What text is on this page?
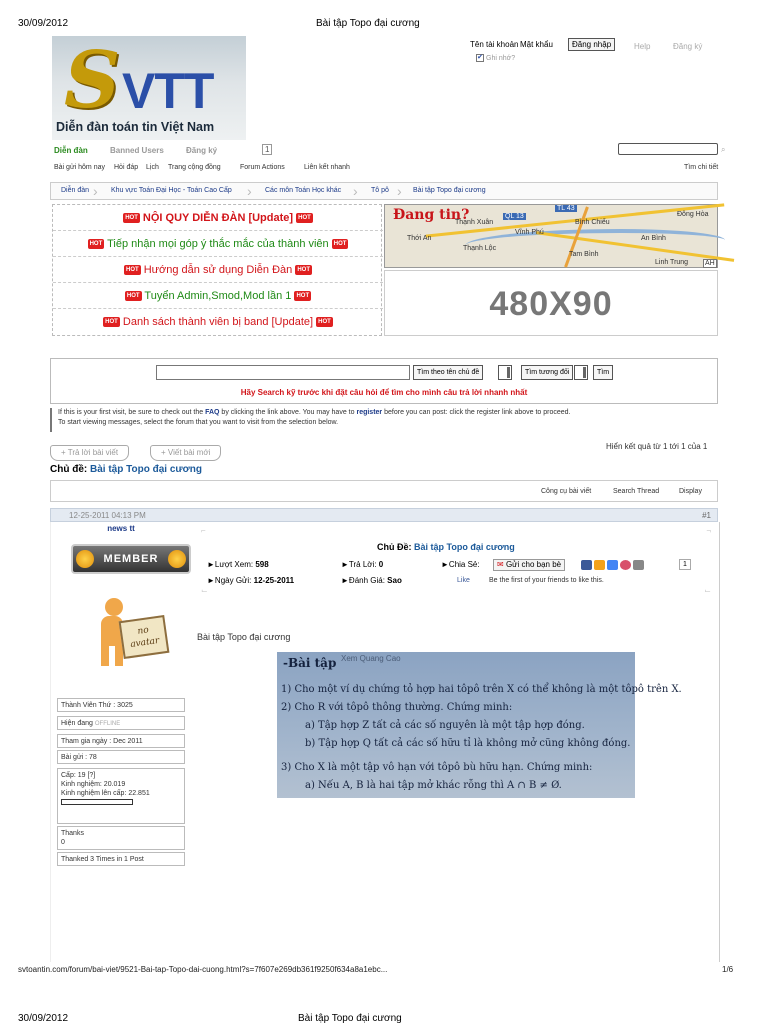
30/09/2012	Bài tập Topo đại cương
S VTT
Diễn đàn toán tin Việt Nam
Tên tài khoản Mật khẩu	Đăng nhập	Help	Đăng ký
✔ Ghi nhớ?
Diễn đàn	Banned Users	Đăng ký	1	⌕
Bài gửi hôm nay Hỏi đáp Lịch Trang cộng đồng	Forum Actions	Liên kết nhanh	Tìm chi tiết
Diễn đàn ›	Khu vực Toán Đại Học - Toán Cao Cấp ›	Các môn Toán Học khác ›	Tô pô ›	Bài tập Topo đại cương
HOT NỘI QUY DIỄN ĐÀN [Update] HOT
HOT Tiếp nhận mọi góp ý thắc mắc của thành viên HOT
HOT Hướng dẫn sử dụng Diễn Đàn HOT
HOT Tuyển Admin,Smod,Mod lần 1 HOT
HOT Danh sách thành viên bị band [Update] HOT
Đang tin?
Thạnh Xuân	Bình Chiểu
Đông Hòa
Vĩnh Phú
Thới An	An Bình
Thạnh Lộc
Tam Bình
Linh Trung
QL 13
TL 43
AH
480X90
Tìm theo tên chủ đề	Tìm tương đối	Tìm
Hãy Search kỹ trước khi đặt câu hỏi để tìm cho mình câu trả lời nhanh nhất
If this is your first visit, be sure to check out the FAQ by clicking the link above. You may have to register before you can post: click the register link above to proceed.
To start viewing messages, select the forum that you want to visit from the selection below.
+ Trả lời bài viết	+ Viết bài mới
Hiển kết quả từ 1 tới 1 của 1
Chủ đề: Bài tập Topo đại cương
Công cụ bài viết	Search Thread	Display
12-25-2011 04:13 PM	#1
news tt
MEMBER
no avatar
Thành Viên Thứ : 3025
Hiện đang OFFLINE
Tham gia ngày : Dec 2011
Bài gửi : 78
Cấp: 19 [?]
Kinh nghiệm: 20.019
Kinh nghiệm lên cấp: 22.851
Thanks
0
Thanked 3 Times in 1 Post
⌐	¬
⌙
⌙
Chủ Đề: Bài tập Topo đại cương
►Lượt Xem: 598	►Trả Lời: 0	►Chia Sẻ:	✉ Gửi cho bạn bè	1
►Ngày Gửi: 12-25-2011	►Đánh Giá: Sao	Like	Be the first of your friends to like this.
Bài tập Topo đại cương
Xem Quang Cao
-Bài tập
1) Cho một ví dụ chứng tỏ hợp hai tôpô trên X có thể không là một tôpô trên X.
2) Cho R với tôpô thông thường. Chứng minh:
a) Tập hợp Z tất cả các số nguyên là một tập hợp đóng.
b) Tập hợp Q tất cả các số hữu tỉ là không mở cũng không đóng.
3) Cho X là một tập vô hạn với tôpô bù hữu hạn. Chứng minh:
a) Nếu A, B là hai tập mở khác rỗng thì A ∩ B ≠ Ø.
svtoantin.com/forum/bai-viet/9521-Bai-tap-Topo-dai-cuong.html?s=7f607e269db361f9250f634a8a1ebc...	1/6
30/09/2012	Bài tập Topo đại cương
